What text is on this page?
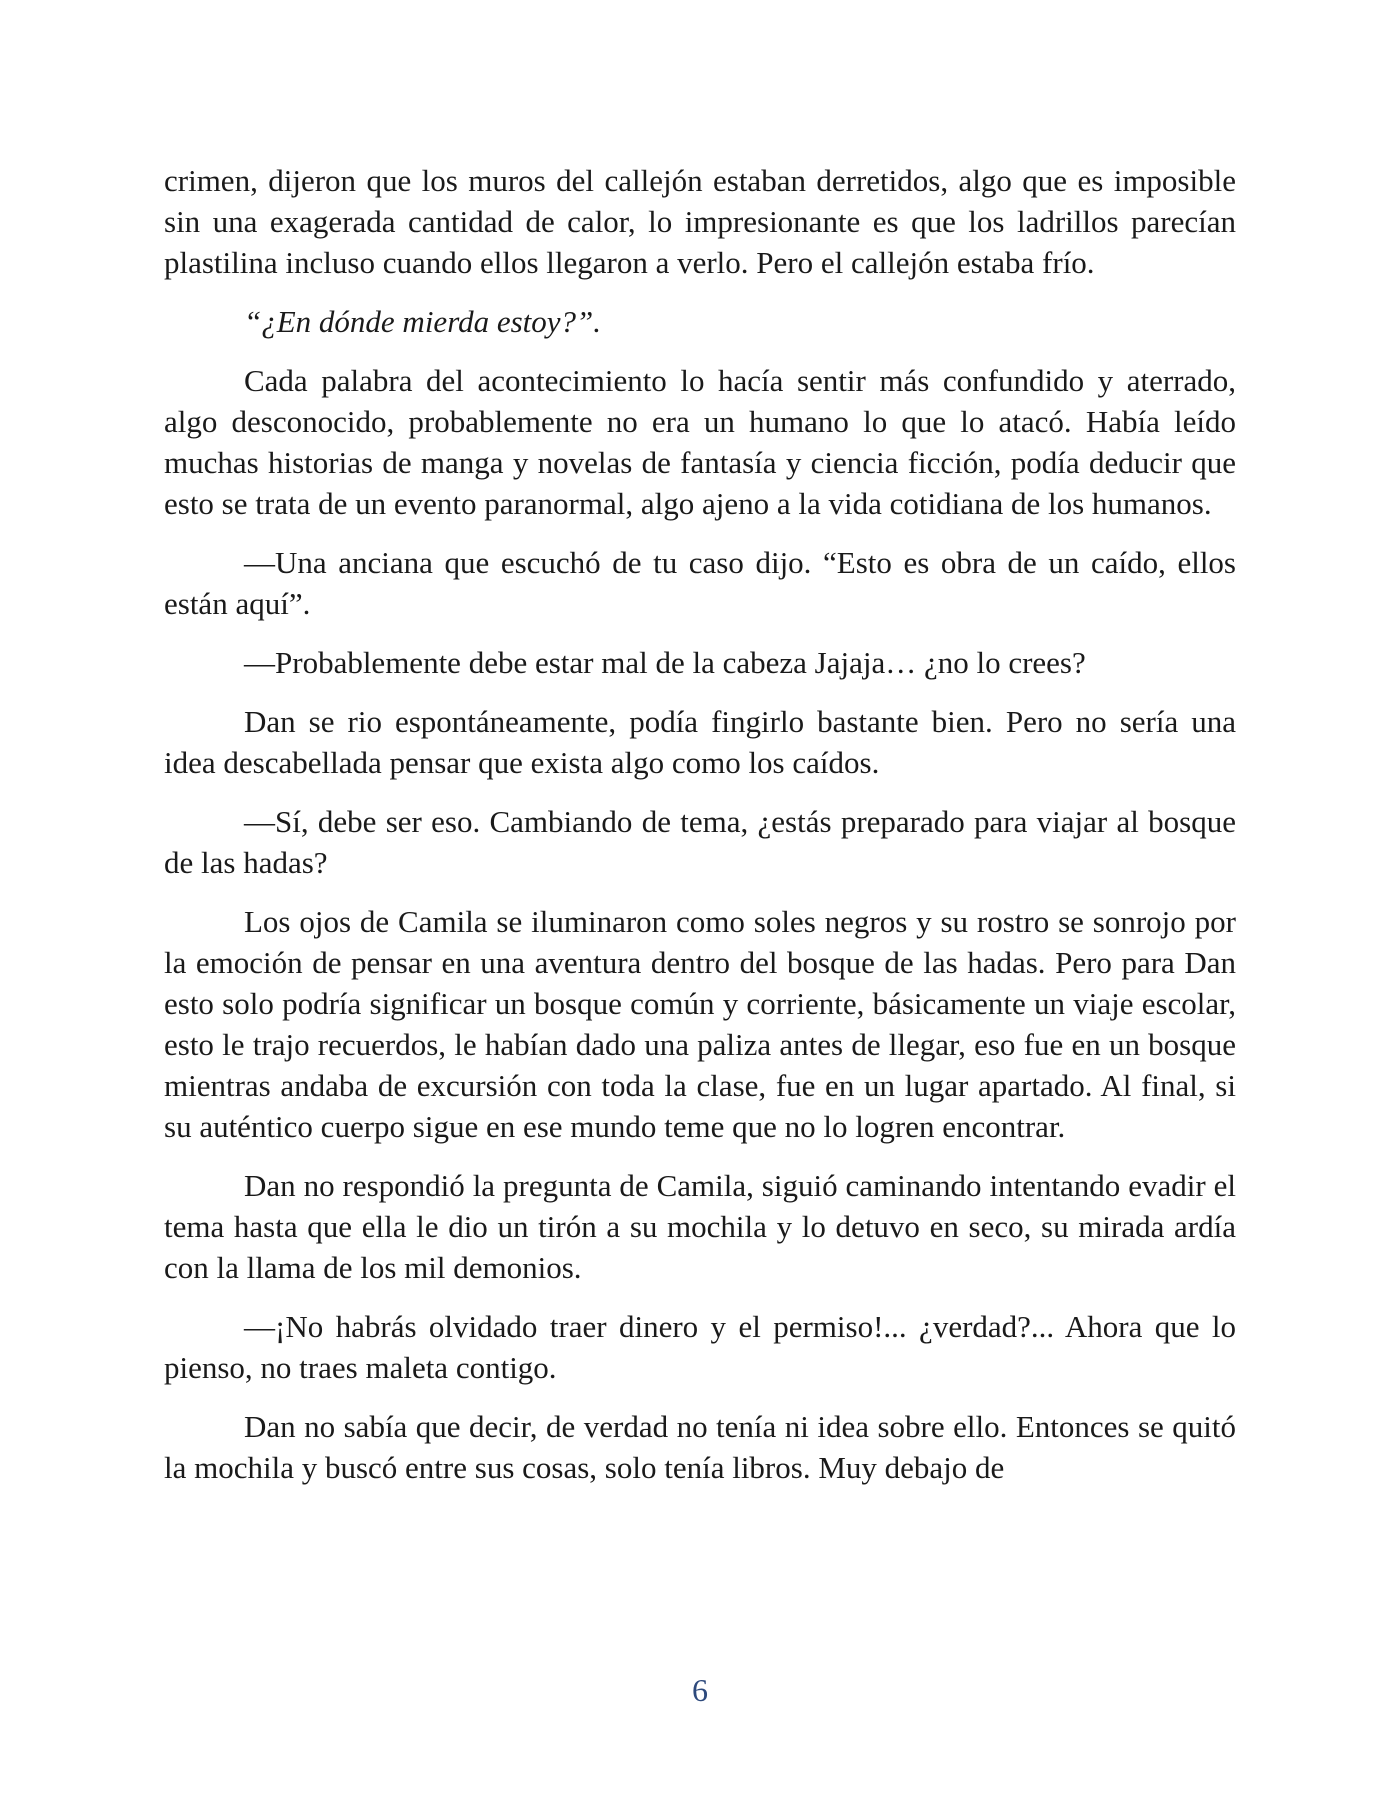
crimen, dijeron que los muros del callejón estaban derretidos, algo que es imposible sin una exagerada cantidad de calor, lo impresionante es que los ladrillos parecían plastilina incluso cuando ellos llegaron a verlo. Pero el callejón estaba frío.

“¿En dónde mierda estoy?”.

Cada palabra del acontecimiento lo hacía sentir más confundido y aterrado, algo desconocido, probablemente no era un humano lo que lo atacó. Había leído muchas historias de manga y novelas de fantasía y ciencia ficción, podía deducir que esto se trata de un evento paranormal, algo ajeno a la vida cotidiana de los humanos.

—Una anciana que escuchó de tu caso dijo. “Esto es obra de un caído, ellos están aquí”.

—Probablemente debe estar mal de la cabeza Jajaja… ¿no lo crees?

Dan se rio espontáneamente, podía fingirlo bastante bien. Pero no sería una idea descabellada pensar que exista algo como los caídos.

—Sí, debe ser eso. Cambiando de tema, ¿estás preparado para viajar al bosque de las hadas?

Los ojos de Camila se iluminaron como soles negros y su rostro se sonrojo por la emoción de pensar en una aventura dentro del bosque de las hadas. Pero para Dan esto solo podría significar un bosque común y corriente, básicamente un viaje escolar, esto le trajo recuerdos, le habían dado una paliza antes de llegar, eso fue en un bosque mientras andaba de excursión con toda la clase, fue en un lugar apartado. Al final, si su auténtico cuerpo sigue en ese mundo teme que no lo logren encontrar.

Dan no respondió la pregunta de Camila, siguió caminando intentando evadir el tema hasta que ella le dio un tirón a su mochila y lo detuvo en seco, su mirada ardía con la llama de los mil demonios.

—¡No habrás olvidado traer dinero y el permiso!... ¿verdad?... Ahora que lo pienso, no traes maleta contigo.

Dan no sabía que decir, de verdad no tenía ni idea sobre ello. Entonces se quitó la mochila y buscó entre sus cosas, solo tenía libros. Muy debajo de

6
